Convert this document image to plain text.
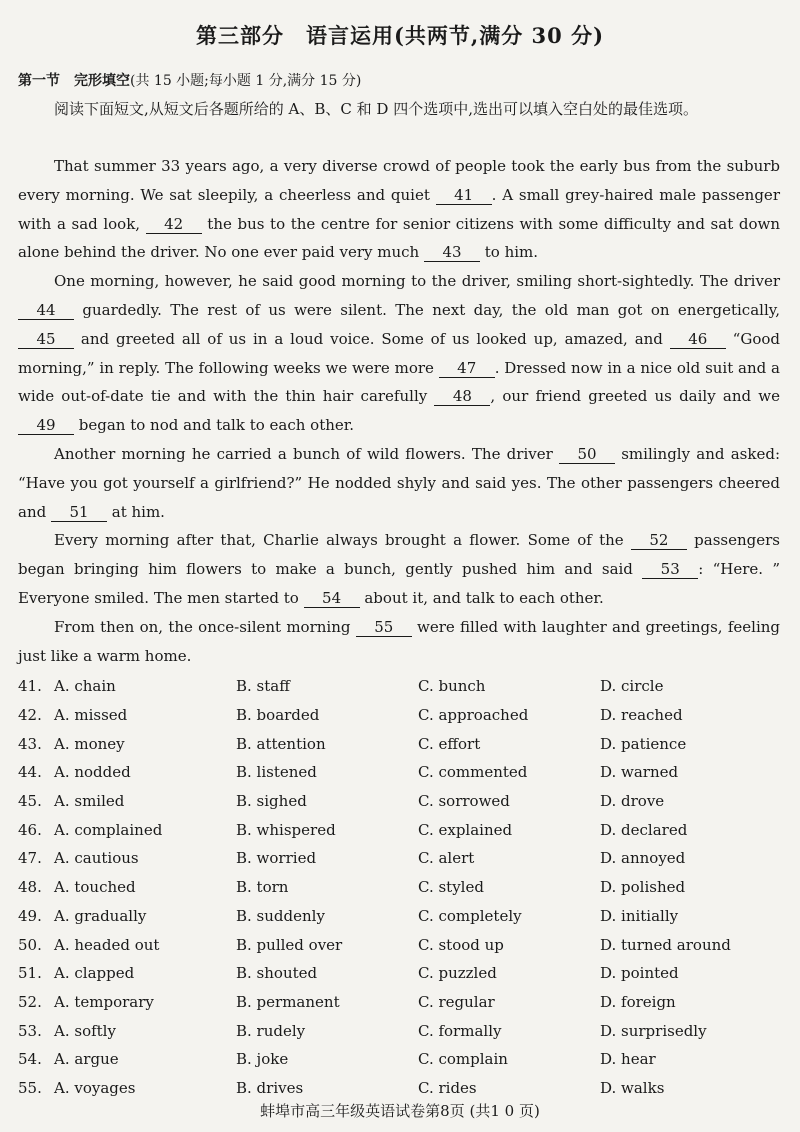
第三部分　语言运用(共两节,满分 30 分)
第一节　完形填空(共 15 小题;每小题 1 分,满分 15 分)
阅读下面短文,从短文后各题所给的 A、B、C 和 D 四个选项中,选出可以填入空白处的最佳选项。

That summer 33 years ago, a very diverse crowd of people took the early bus from the suburb every morning. We sat sleepily, a cheerless and quiet 41 . A small grey-haired male passenger with a sad look, 42 the bus to the centre for senior citizens with some difficulty and sat down alone behind the driver. No one ever paid very much 43 to him.

One morning, however, he said good morning to the driver, smiling short-sightedly. The driver 44 guardedly. The rest of us were silent. The next day, the old man got on energetically, 45 and greeted all of us in a loud voice. Some of us looked up, amazed, and 46 “Good morning,” in reply. The following weeks we were more 47 . Dressed now in a nice old suit and a wide out-of-date tie and with the thin hair carefully 48 , our friend greeted us daily and we 49 began to nod and talk to each other.

Another morning he carried a bunch of wild flowers. The driver 50 smilingly and asked: “Have you got yourself a girlfriend?” He nodded shyly and said yes. The other passengers cheered and 51 at him.

Every morning after that, Charlie always brought a flower. Some of the 52 passengers began bringing him flowers to make a bunch, gently pushed him and said 53 : “Here. ” Everyone smiled. The men started to 54 about it, and talk to each other.

From then on, the once-silent morning 55 were filled with laughter and greetings, feeling just like a warm home.

41. A. chain	B. staff	C. bunch	D. circle
42. A. missed	B. boarded	C. approached	D. reached
43. A. money	B. attention	C. effort	D. patience
44. A. nodded	B. listened	C. commented	D. warned
45. A. smiled	B. sighed	C. sorrowed	D. drove
46. A. complained	B. whispered	C. explained	D. declared
47. A. cautious	B. worried	C. alert	D. annoyed
48. A. touched	B. torn	C. styled	D. polished
49. A. gradually	B. suddenly	C. completely	D. initially
50. A. headed out	B. pulled over	C. stood up	D. turned around
51. A. clapped	B. shouted	C. puzzled	D. pointed
52. A. temporary	B. permanent	C. regular	D. foreign
53. A. softly	B. rudely	C. formally	D. surprisedly
54. A. argue	B. joke	C. complain	D. hear
55. A. voyages	B. drives	C. rides	D. walks
蚌埠市高三年级英语试卷第8页 (共1 0 页)
